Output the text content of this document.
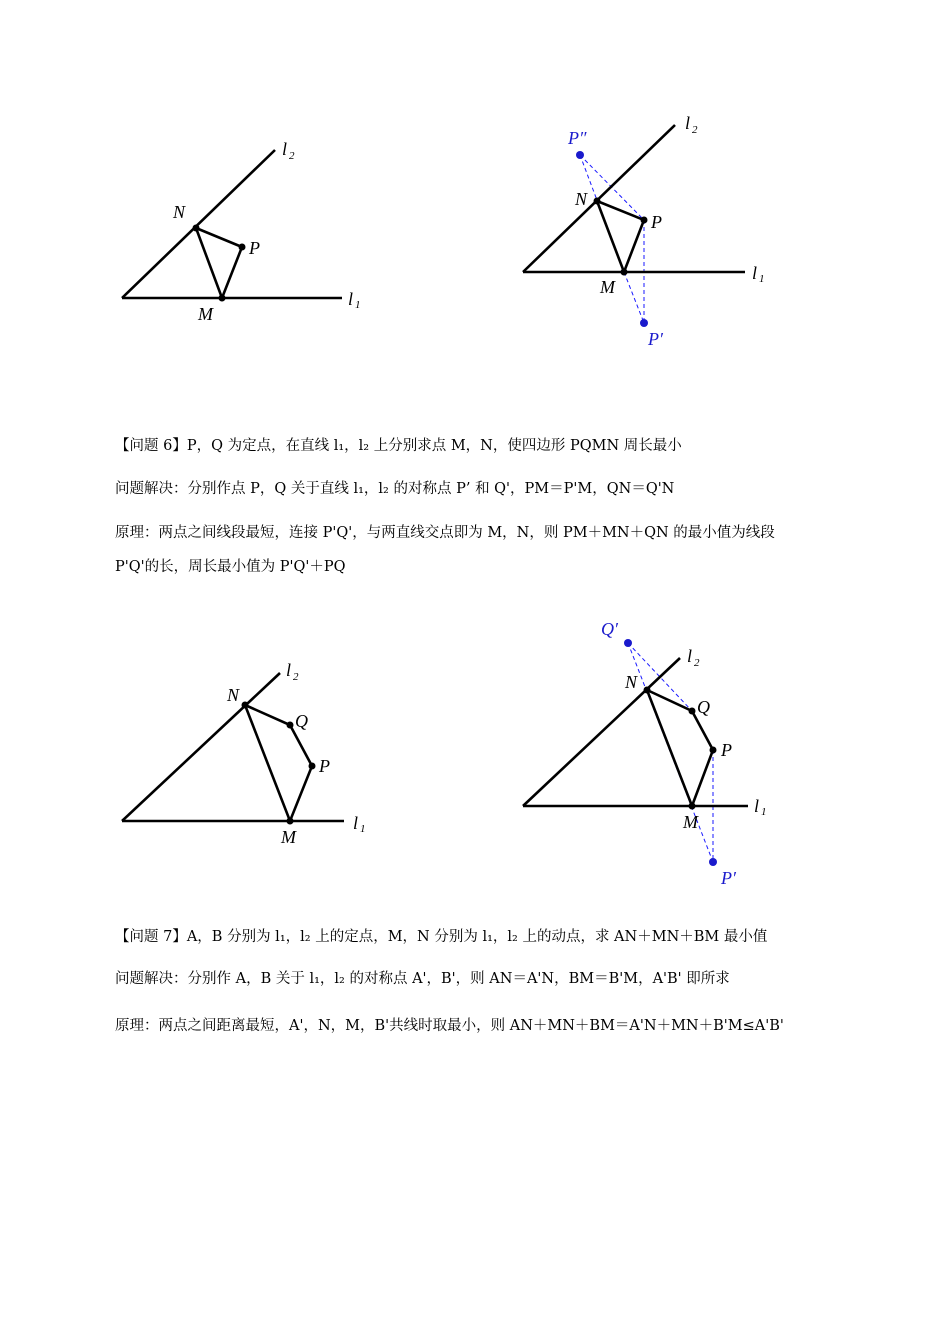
l 2
N
P
M
l 1
l 2
P″
N
P
M
l 1
P′
l 2
N
Q
P
M
l 1
Q′
l 2
N
Q
P
M
l 1
P′
【问题 6】P，Q 为定点，在直线 l₁，l₂ 上分别求点 M，N，使四边形 PQMN 周长最小
问题解决：分别作点 P，Q 关于直线 l₁，l₂ 的对称点 P’ 和 Q'，PM＝P'M，QN＝Q'N
原理：两点之间线段最短，连接 P'Q'，与两直线交点即为 M，N，则 PM＋MN＋QN 的最小值为线段
P'Q'的长，周长最小值为 P'Q'＋PQ
【问题 7】A，B 分别为 l₁，l₂ 上的定点，M，N 分别为 l₁，l₂ 上的动点，求 AN＋MN＋BM 最小值
问题解决：分别作 A，B 关于 l₁，l₂ 的对称点 A'，B'，则 AN＝A'N，BM＝B'M，A'B' 即所求
原理：两点之间距离最短，A'，N，M，B'共线时取最小，则 AN＋MN＋BM＝A'N＋MN＋B'M≤A'B'
